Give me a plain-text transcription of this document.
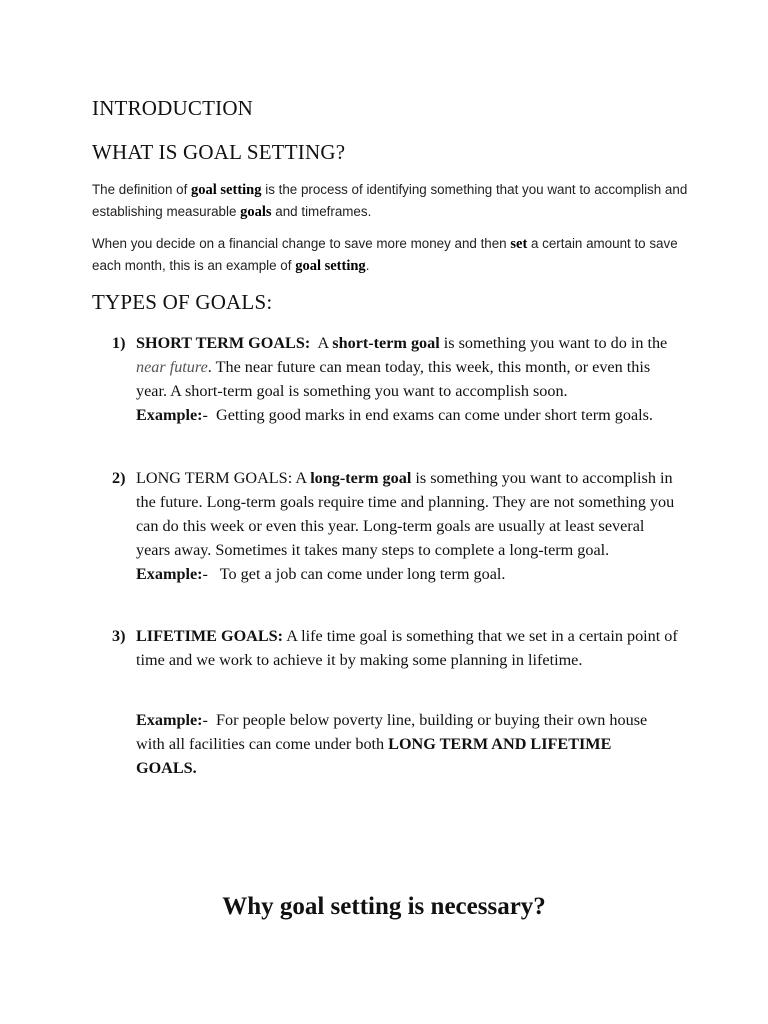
INTRODUCTION
WHAT IS GOAL SETTING?

The definition of goal setting is the process of identifying something that you want to accomplish and establishing measurable goals and timeframes.

When you decide on a financial change to save more money and then set a certain amount to save each month, this is an example of goal setting.

TYPES OF GOALS:
1) SHORT TERM GOALS:  A short-term goal is something you want to do in the near future. The near future can mean today, this week, this month, or even this year. A short-term goal is something you want to accomplish soon.
Example:-  Getting good marks in end exams can come under short term goals.
2) LONG TERM GOALS: A long-term goal is something you want to accomplish in the future. Long-term goals require time and planning. They are not something you can do this week or even this year. Long-term goals are usually at least several years away. Sometimes it takes many steps to complete a long-term goal.
Example:-   To get a job can come under long term goal.
3) LIFETIME GOALS: A life time goal is something that we set in a certain point of time and we work to achieve it by making some planning in lifetime.
Example:-  For people below poverty line, building or buying their own house with all facilities can come under both LONG TERM AND LIFETIME GOALS.
Why goal setting is necessary?
